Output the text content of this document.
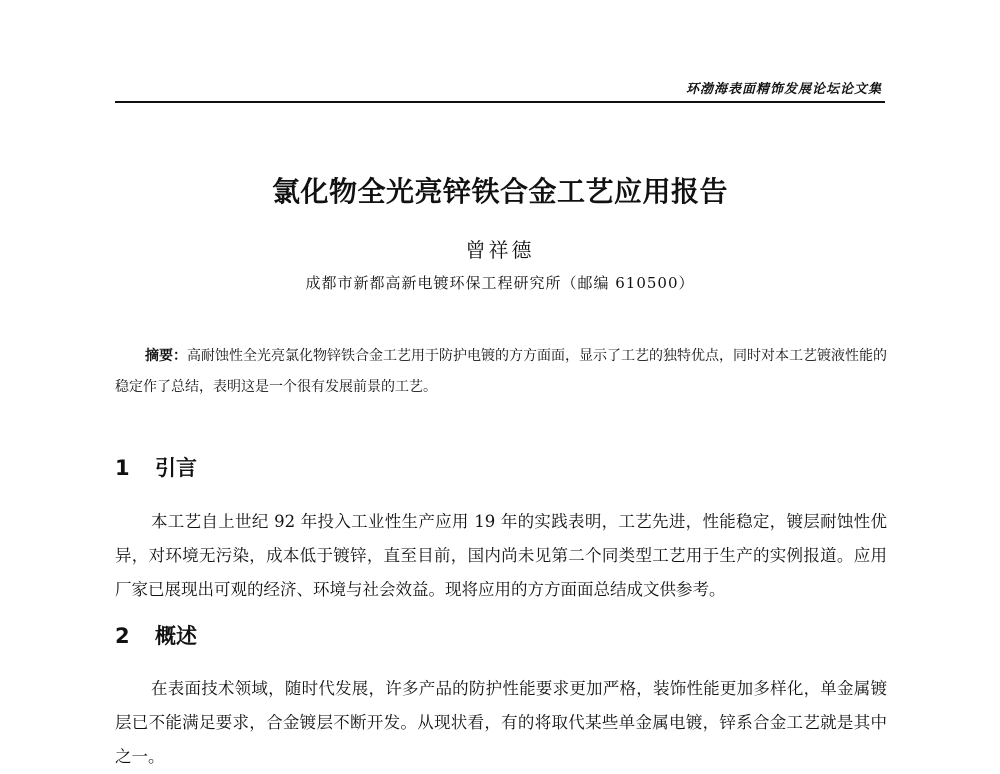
环渤海表面精饰发展论坛论文集
氯化物全光亮锌铁合金工艺应用报告
曾祥德
成都市新都高新电镀环保工程研究所（邮编 610500）

摘要：高耐蚀性全光亮氯化物锌铁合金工艺用于防护电镀的方方面面，显示了工艺的独特优点，同时对本工艺镀液性能的稳定作了总结，表明这是一个很有发展前景的工艺。

1 引言

本工艺自上世纪 92 年投入工业性生产应用 19 年的实践表明，工艺先进，性能稳定，镀层耐蚀性优异，对环境无污染，成本低于镀锌，直至目前，国内尚未见第二个同类型工艺用于生产的实例报道。应用厂家已展现出可观的经济、环境与社会效益。现将应用的方方面面总结成文供参考。

2 概述

在表面技术领域，随时代发展，许多产品的防护性能要求更加严格，装饰性能更加多样化，单金属镀层已不能满足要求，合金镀层不断开发。从现状看，有的将取代某些单金属电镀，锌系合金工艺就是其中之一。
